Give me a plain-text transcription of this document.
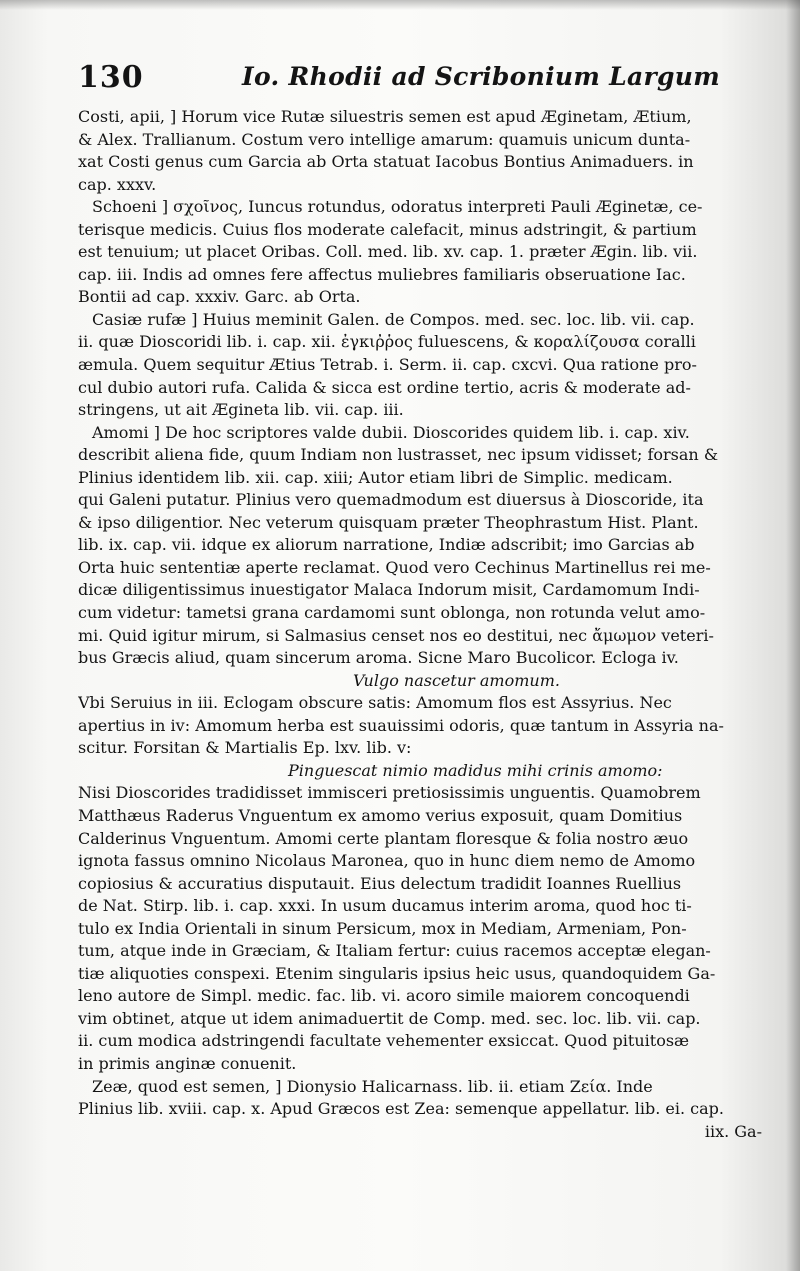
130	Io. Rhodii ad Scribonium Largum
Costi, apii, ] Horum vice Rutæ siluestris semen est apud Æginetam, Ætium,
& Alex. Trallianum. Costum vero intellige amarum: quamuis unicum dunta-
xat Costi genus cum Garcia ab Orta statuat Iacobus Bontius Animaduers. in
cap. xxxv.
Schoeni ] σχοῖνος, Iuncus rotundus, odoratus interpreti Pauli Æginetæ, ce-
terisque medicis. Cuius flos moderate calefacit, minus adstringit, & partium
est tenuium; ut placet Oribas. Coll. med. lib. xv. cap. 1. præter Ægin. lib. vii.
cap. iii. Indis ad omnes fere affectus muliebres familiaris obseruatione Iac.
Bontii ad cap. xxxiv. Garc. ab Orta.
Casiæ rufæ ] Huius meminit Galen. de Compos. med. sec. loc. lib. vii. cap.
ii. quæ Dioscoridi lib. i. cap. xii. ἐγκιῤῥος fuluescens, & κοραλίζουσα coralli
æmula. Quem sequitur Ætius Tetrab. i. Serm. ii. cap. cxcvi. Qua ratione pro-
cul dubio autori rufa. Calida & sicca est ordine tertio, acris & moderate ad-
stringens, ut ait Æginetа lib. vii. cap. iii.
Amomi ] De hoc scriptores valde dubii. Dioscorides quidem lib. i. cap. xiv.
describit aliena fide, quum Indiam non lustrasset, nec ipsum vidisset; forsan &
Plinius identidem lib. xii. cap. xiii; Autor etiam libri de Simplic. medicam.
qui Galeni putatur. Plinius vero quemadmodum est diuersus à Dioscoride, ita
& ipso diligentior. Nec veterum quisquam præter Theophrastum Hist. Plant.
lib. ix. cap. vii. idque ex aliorum narratione, Indiæ adscribit; imo Garcias ab
Orta huic sententiæ aperte reclamat. Quod vero Cechinus Martinellus rei me-
dicæ diligentissimus inuestigator Malaca Indorum misit, Cardamomum Indi-
cum videtur: tametsi grana cardamomi sunt oblonga, non rotunda velut amo-
mi. Quid igitur mirum, si Salmasius censet nos eo destitui, nec ἄμωμον veteri-
bus Græcis aliud, quam sincerum aroma. Sicne Maro Bucolicor. Ecloga iv.
Vulgo nascetur amomum.
Vbi Seruius in iii. Eclogam obscure satis: Amomum flos est Assyrius. Nec
apertius in iv: Amomum herba est suauissimi odoris, quæ tantum in Assyria na-
scitur. Forsitan & Martialis Ep. lxv. lib. v:
Pinguescat nimio madidus mihi crinis amomo:
Nisi Dioscorides tradidisset immisceri pretiosissimis unguentis. Quamobrem
Matthæus Raderus Vnguentum ex amomo verius exposuit, quam Domitius
Calderinus Vnguentum. Amomi certe plantam floresque & folia nostro æuo
ignota fassus omnino Nicolaus Maronea, quo in hunc diem nemo de Amomo
copiosius & accuratius disputauit. Eius delectum tradidit Ioannes Ruellius
de Nat. Stirp. lib. i. cap. xxxi. In usum ducamus interim aroma, quod hoc ti-
tulo ex India Orientali in sinum Persicum, mox in Mediam, Armeniam, Pon-
tum, atque inde in Græciam, & Italiam fertur: cuius racemos acceptæ elegan-
tiæ aliquoties conspexi. Etenim singularis ipsius heic usus, quandoquidem Ga-
leno autore de Simpl. medic. fac. lib. vi. acoro simile maiorem concoquendi
vim obtinet, atque ut idem animaduertit de Comp. med. sec. loc. lib. vii. cap.
ii. cum modica adstringendi facultate vehementer exsiccat. Quod pituitosæ
in primis anginæ conuenit.
Zeæ, quod est semen, ] Dionysio Halicarnass. lib. ii. etiam Ζεία. Inde
Plinius lib. xviii. cap. x. Apud Græcos est Zea: semenque appellatur. lib. ei. cap.
iix. Ga-
